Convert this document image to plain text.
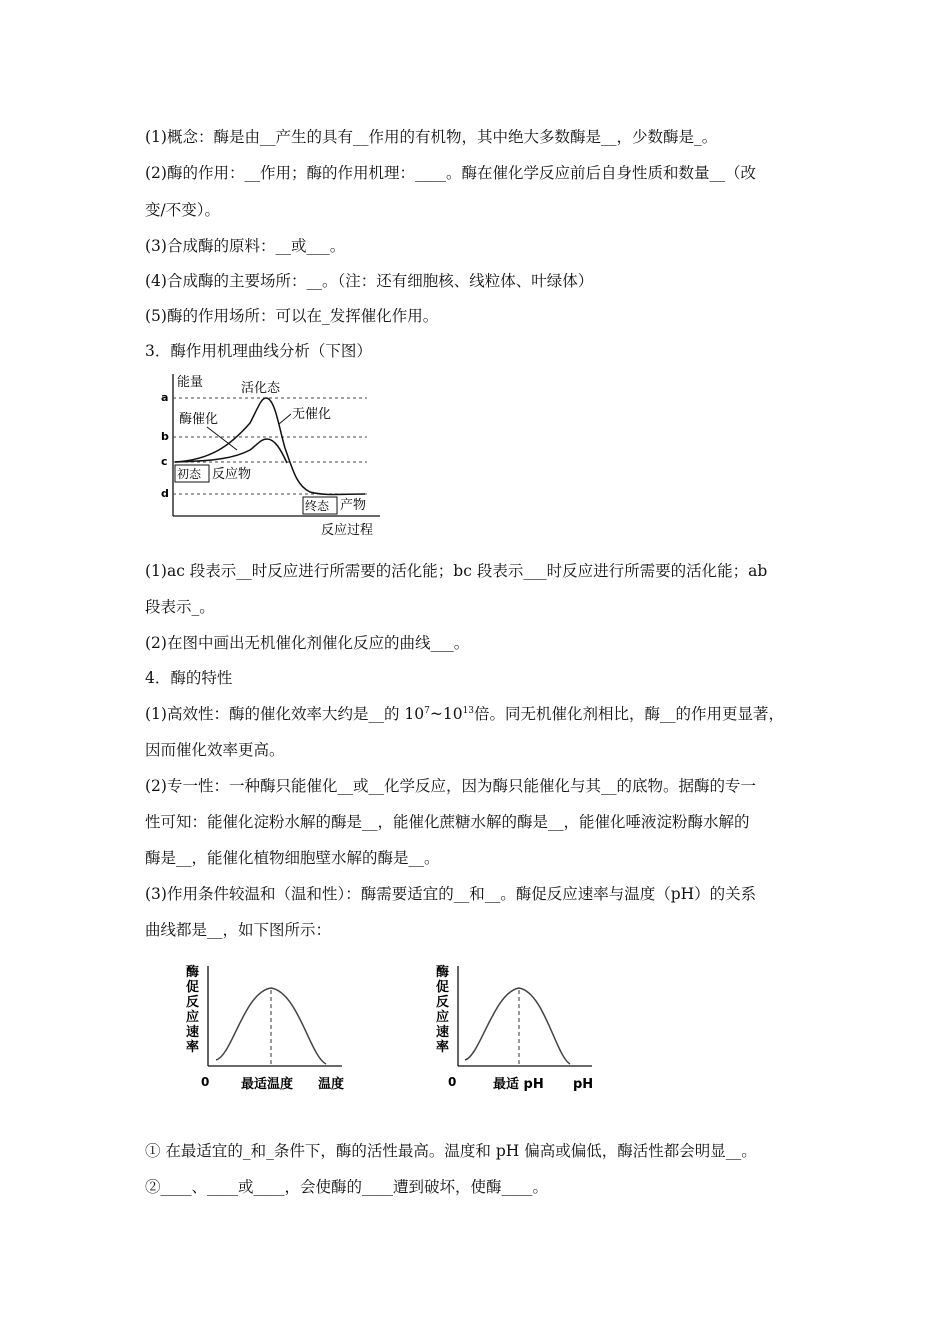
(1)概念：酶是由__产生的具有__作用的有机物，其中绝大多数酶是__，少数酶是_。
(2)酶的作用：__作用；酶的作用机理：____。酶在催化学反应前后自身性质和数量__（改
变/不变）。
(3)合成酶的原料：__或___。
(4)合成酶的主要场所：__。（注：还有细胞核、线粒体、叶绿体）
(5)酶的作用场所：可以在_发挥催化作用。
3．酶作用机理曲线分析（下图）
a
b
c
d
能量
反应过程
活化态
酶催化	无催化
初态 反应物
终态 产物
(1)ac 段表示__时反应进行所需要的活化能；bc 段表示___时反应进行所需要的活化能；ab
段表示_。
(2)在图中画出无机催化剂催化反应的曲线___。
4．酶的特性
(1)高效性：酶的催化效率大约是__的 $10^7\sim 10^{13}$倍。同无机催化剂相比，酶__的作用更显著，
因而催化效率更高。
(2)专一性：一种酶只能催化__或__化学反应，因为酶只能催化与其__的底物。据酶的专一
性可知：能催化淀粉水解的酶是__，能催化蔗糖水解的酶是__，能催化唾液淀粉酶水解的
酶是__，能催化植物细胞壁水解的酶是__。
(3)作用条件较温和（温和性）：酶需要适宜的__和__。酶促反应速率与温度（pH）的关系
曲线都是__，如下图所示：
酶
促
反
应
速
率
0 最适温度 温度
酶
促
反
应
速
率
0	最适 pH pH
① 在最适宜的_和_条件下，酶的活性最高。温度和 pH 偏高或偏低，酶活性都会明显__。
②____、____或____，会使酶的____遭到破坏，使酶____。
